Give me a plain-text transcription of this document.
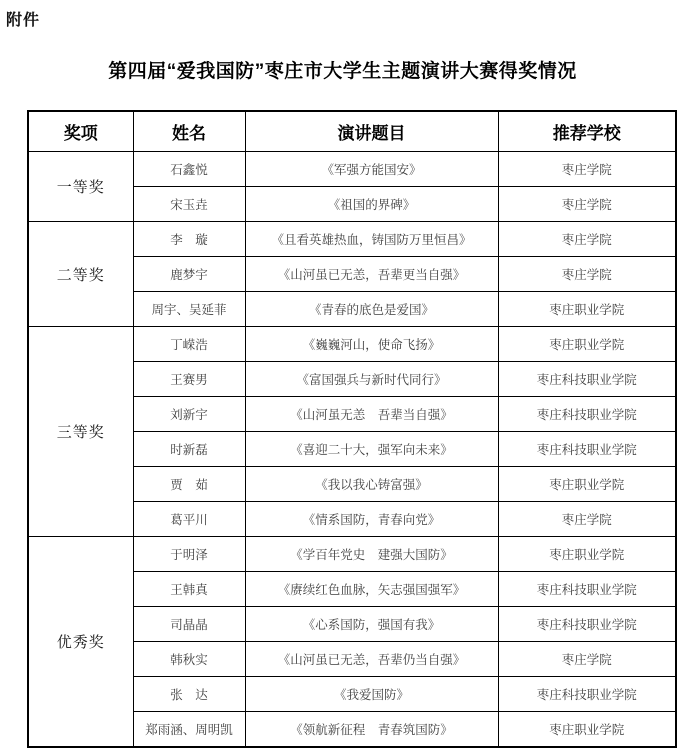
附件
第四届“爱我国防”枣庄市大学生主题演讲大赛得奖情况
奖项	姓名	演讲题目	推荐学校
一等奖	石鑫悦	《军强方能国安》	枣庄学院
	宋玉垚	《祖国的界碑》	枣庄学院
二等奖	李　璇	《且看英雄热血，铸国防万里恒昌》	枣庄学院
	鹿梦宇	《山河虽已无恙，吾辈更当自强》	枣庄学院
	周宇、吴延菲	《青春的底色是爱国》	枣庄职业学院
三等奖	丁嵘浩	《巍巍河山，使命飞扬》	枣庄职业学院
	王赛男	《富国强兵与新时代同行》	枣庄科技职业学院
	刘新宇	《山河虽无恙　吾辈当自强》	枣庄科技职业学院
	时新磊	《喜迎二十大，强军向未来》	枣庄科技职业学院
	贾　茹	《我以我心铸富强》	枣庄职业学院
	葛平川	《情系国防，青春向党》	枣庄学院
优秀奖	于明泽	《学百年党史　建强大国防》	枣庄职业学院
	王韩真	《赓续红色血脉，矢志强国强军》	枣庄科技职业学院
	司晶晶	《心系国防，强国有我》	枣庄科技职业学院
	韩秋实	《山河虽已无恙，吾辈仍当自强》	枣庄学院
	张　达	《我爱国防》	枣庄科技职业学院
	郑雨涵、周明凯	《领航新征程　青春筑国防》	枣庄职业学院
